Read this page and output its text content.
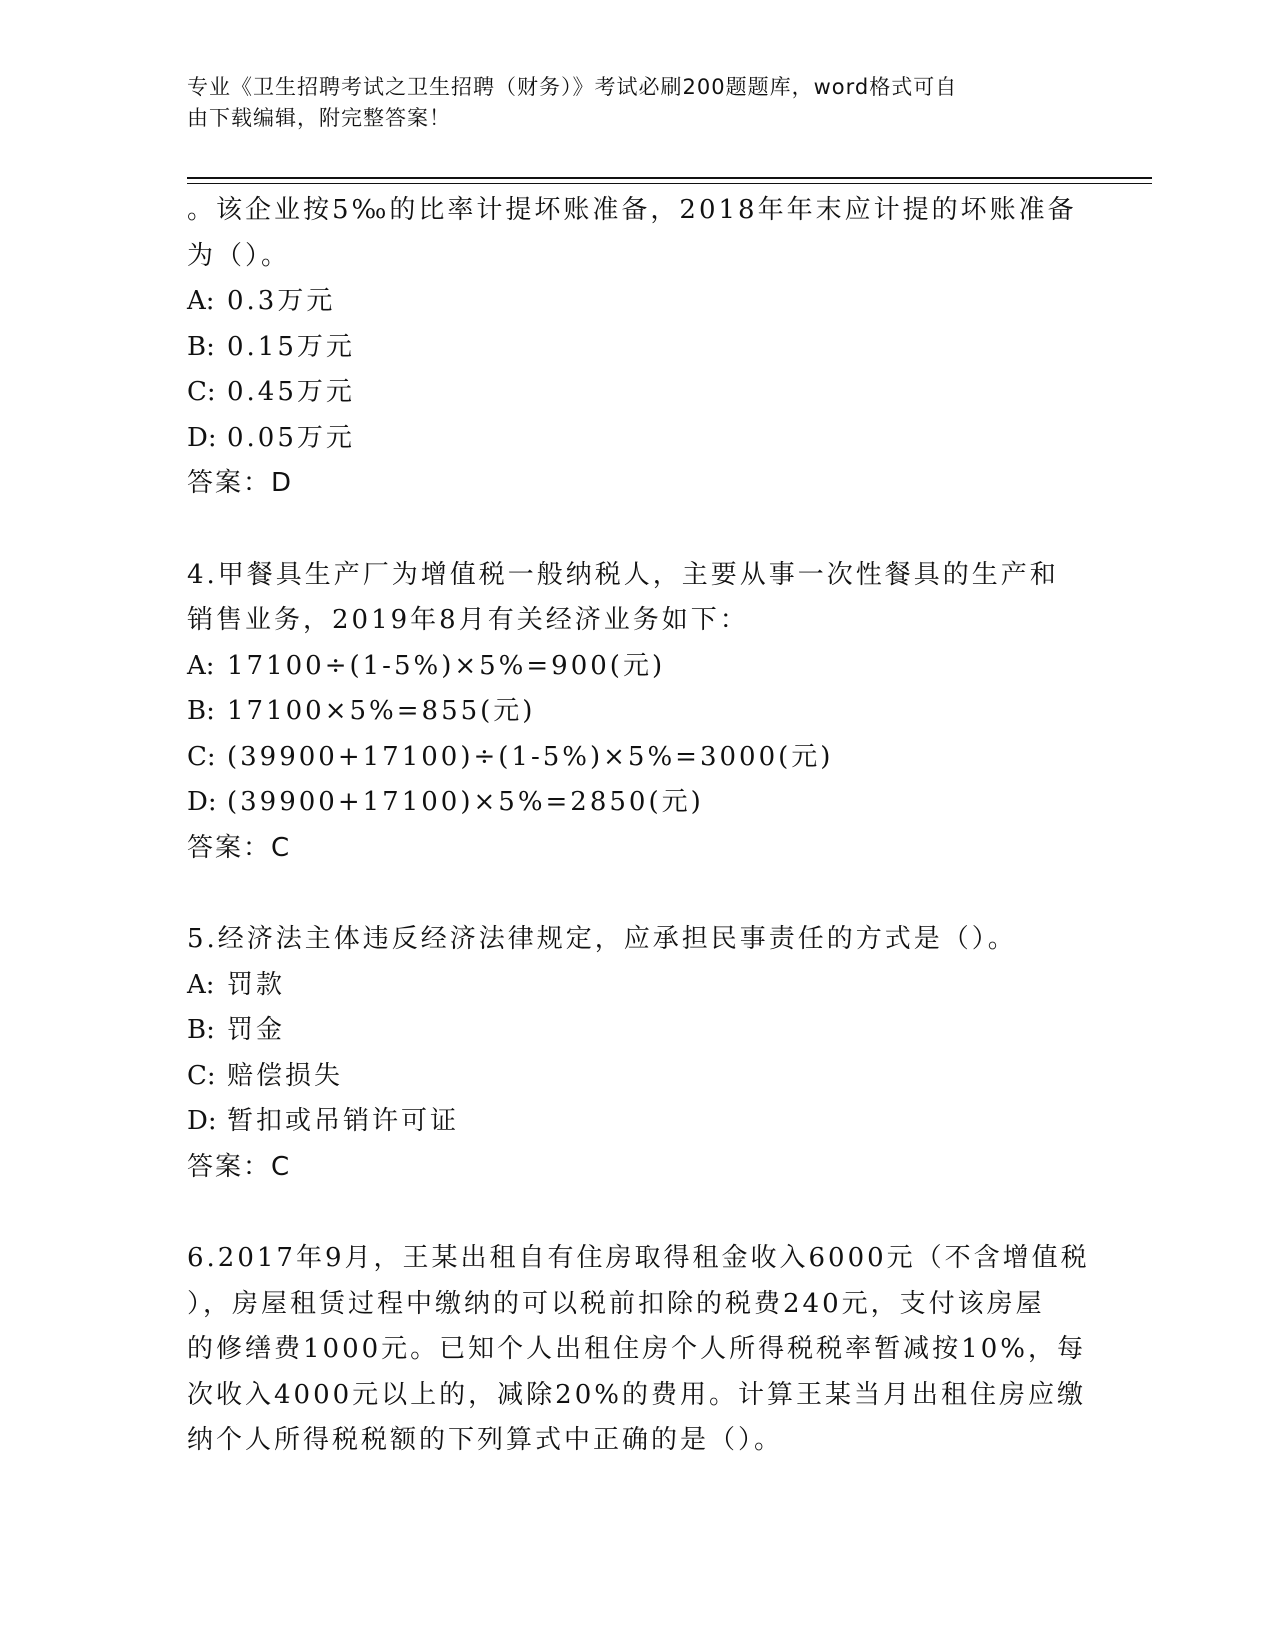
专业《卫生招聘考试之卫生招聘（财务）》考试必刷200题题库，word格式可自
由下载编辑，附完整答案！
。该企业按5‰的比率计提坏账准备，2018年年末应计提的坏账准备
为（）。
A: 0.3万元
B: 0.15万元
C: 0.45万元
D: 0.05万元
答案：D
4.甲餐具生产厂为增值税一般纳税人，主要从事一次性餐具的生产和
销售业务，2019年8月有关经济业务如下：
A: 17100÷(1-5%)×5%=900(元)
B: 17100×5%=855(元)
C: (39900+17100)÷(1-5%)×5%=3000(元)
D: (39900+17100)×5%=2850(元)
答案：C
5.经济法主体违反经济法律规定，应承担民事责任的方式是（）。
A: 罚款
B: 罚金
C: 赔偿损失
D: 暂扣或吊销许可证
答案：C
6.2017年9月，王某出租自有住房取得租金收入6000元（不含增值税
），房屋租赁过程中缴纳的可以税前扣除的税费240元，支付该房屋
的修缮费1000元。已知个人出租住房个人所得税税率暂减按10%，每
次收入4000元以上的，减除20%的费用。计算王某当月出租住房应缴
纳个人所得税税额的下列算式中正确的是（）。
